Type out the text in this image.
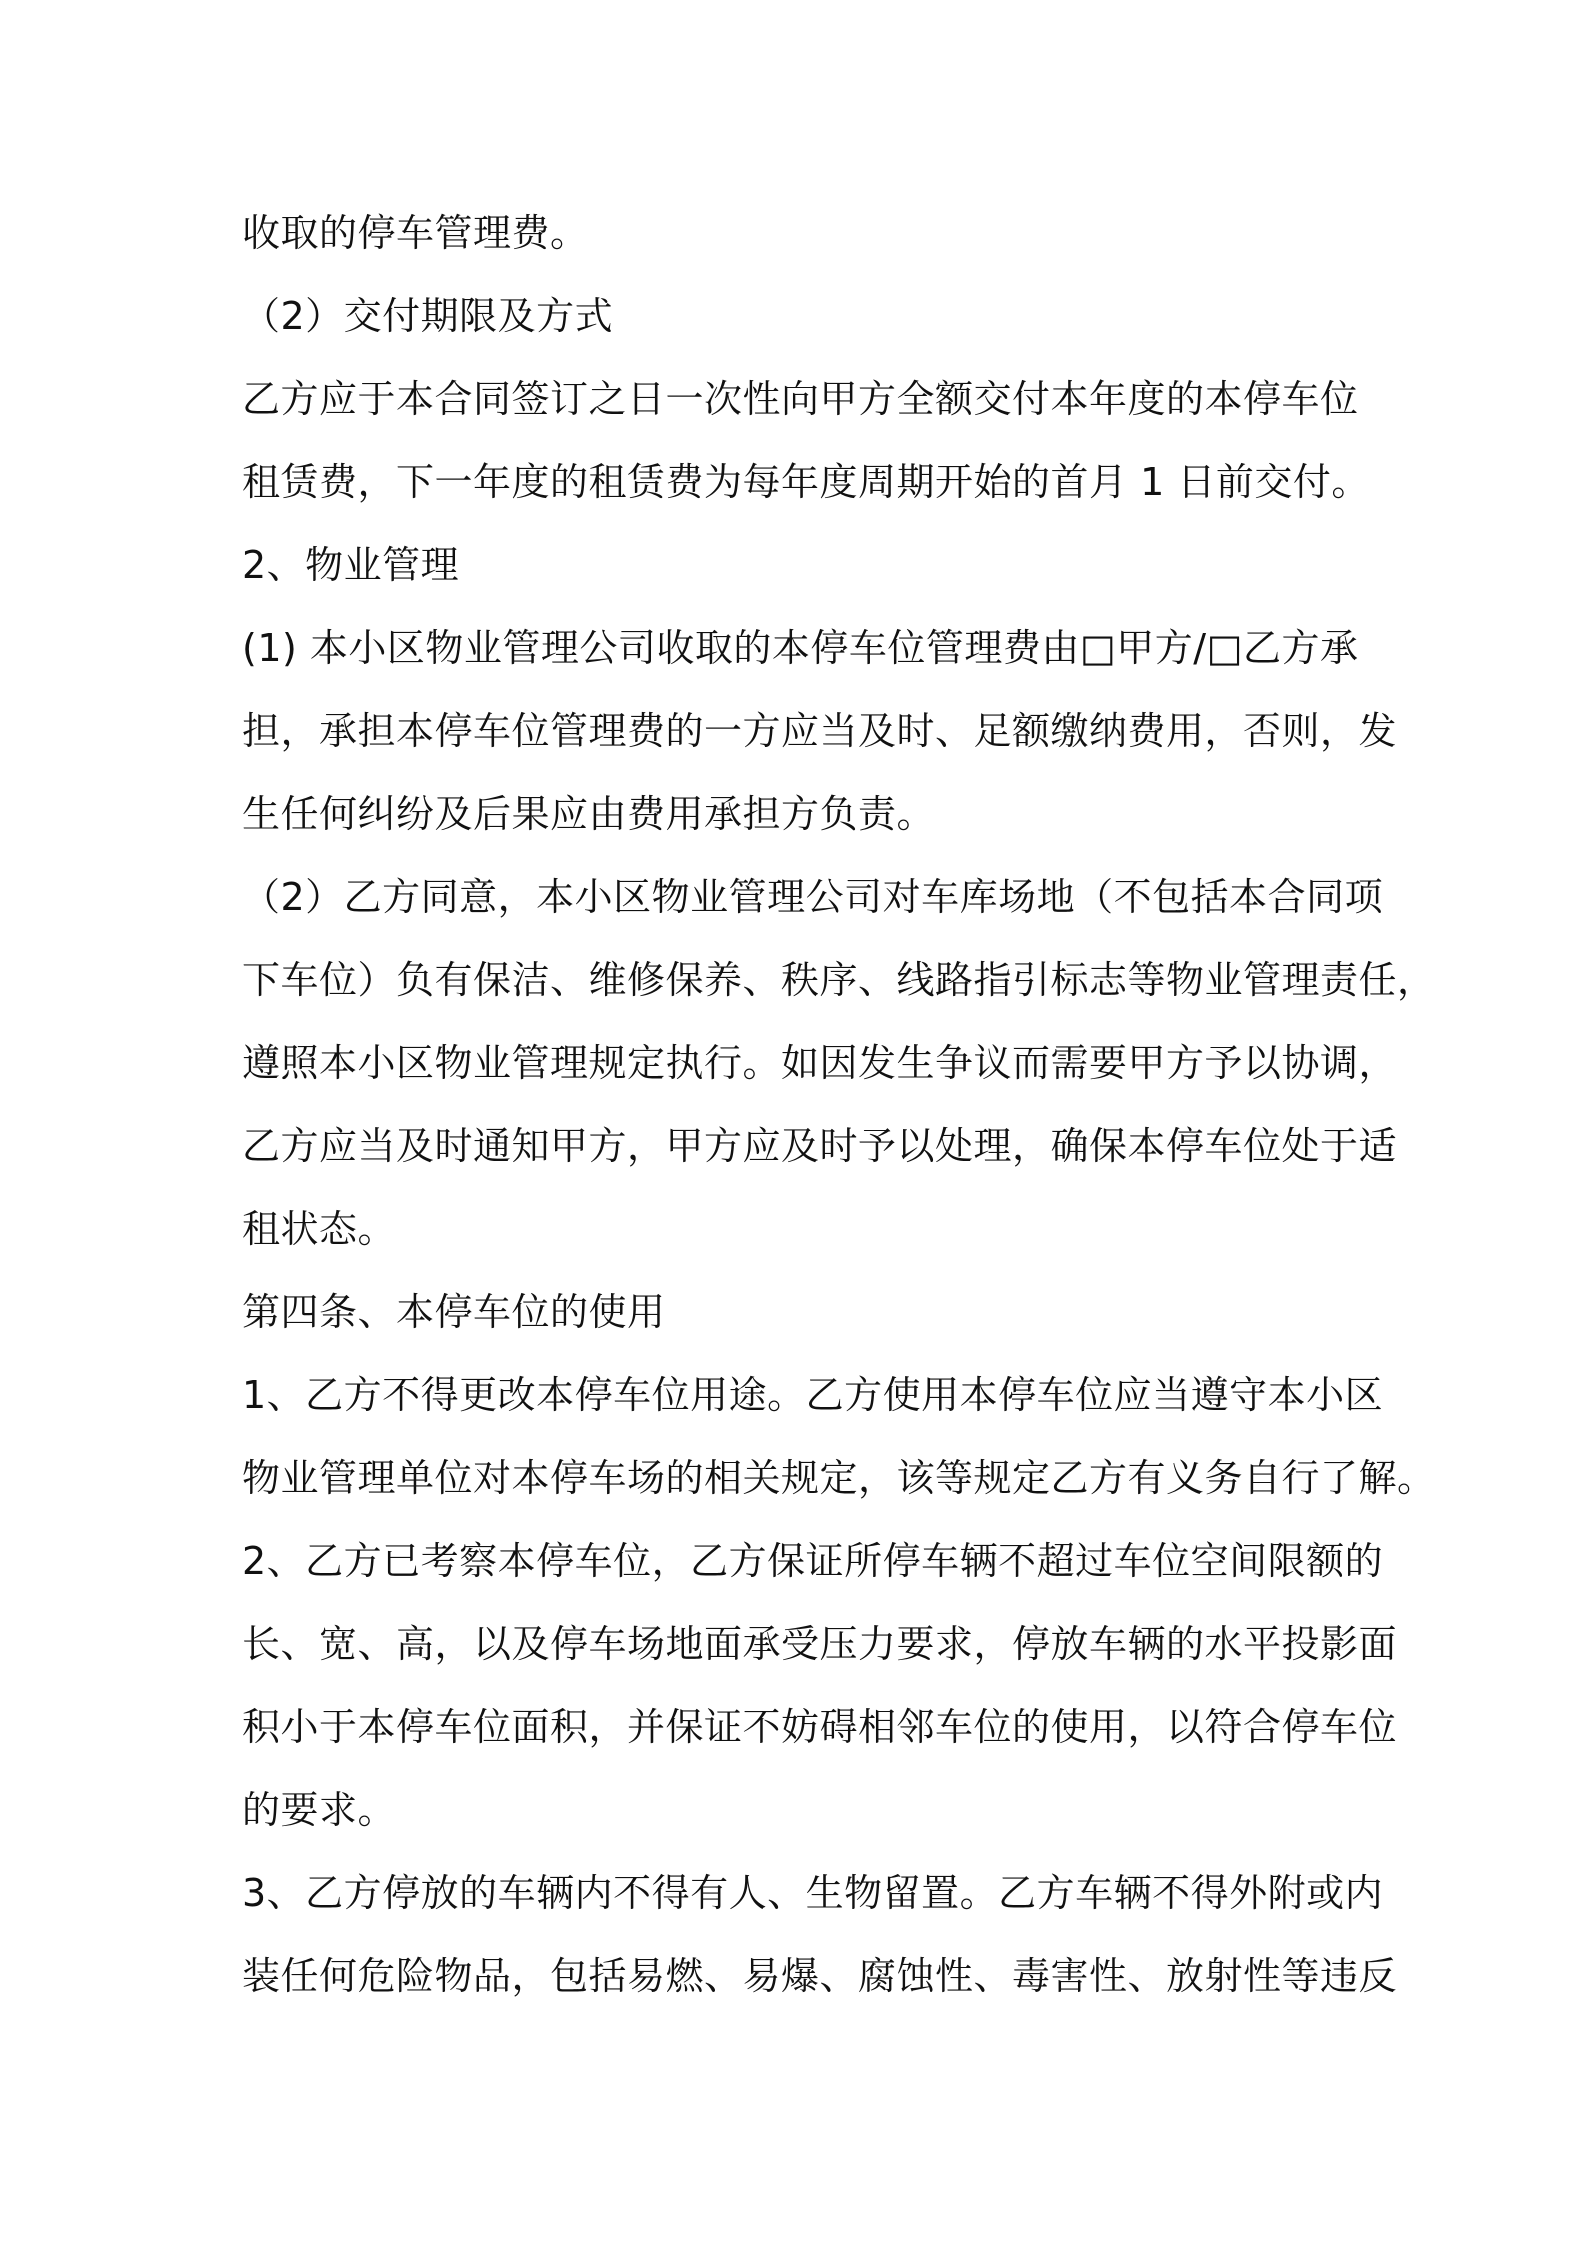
收取的停车管理费。
（2）交付期限及方式
乙方应于本合同签订之日一次性向甲方全额交付本年度的本停车位
租赁费，下一年度的租赁费为每年度周期开始的首月 1 日前交付。
2、物业管理
(1) 本小区物业管理公司收取的本停车位管理费由□甲方/□乙方承
担，承担本停车位管理费的一方应当及时、足额缴纳费用，否则，发
生任何纠纷及后果应由费用承担方负责。
（2）乙方同意，本小区物业管理公司对车库场地（不包括本合同项
下车位）负有保洁、维修保养、秩序、线路指引标志等物业管理责任，
遵照本小区物业管理规定执行。如因发生争议而需要甲方予以协调，
乙方应当及时通知甲方，甲方应及时予以处理，确保本停车位处于适
租状态。
第四条、本停车位的使用
1、乙方不得更改本停车位用途。乙方使用本停车位应当遵守本小区
物业管理单位对本停车场的相关规定，该等规定乙方有义务自行了解。
2、乙方已考察本停车位，乙方保证所停车辆不超过车位空间限额的
长、宽、高，以及停车场地面承受压力要求，停放车辆的水平投影面
积小于本停车位面积，并保证不妨碍相邻车位的使用，以符合停车位
的要求。
3、乙方停放的车辆内不得有人、生物留置。乙方车辆不得外附或内
装任何危险物品，包括易燃、易爆、腐蚀性、毒害性、放射性等违反
